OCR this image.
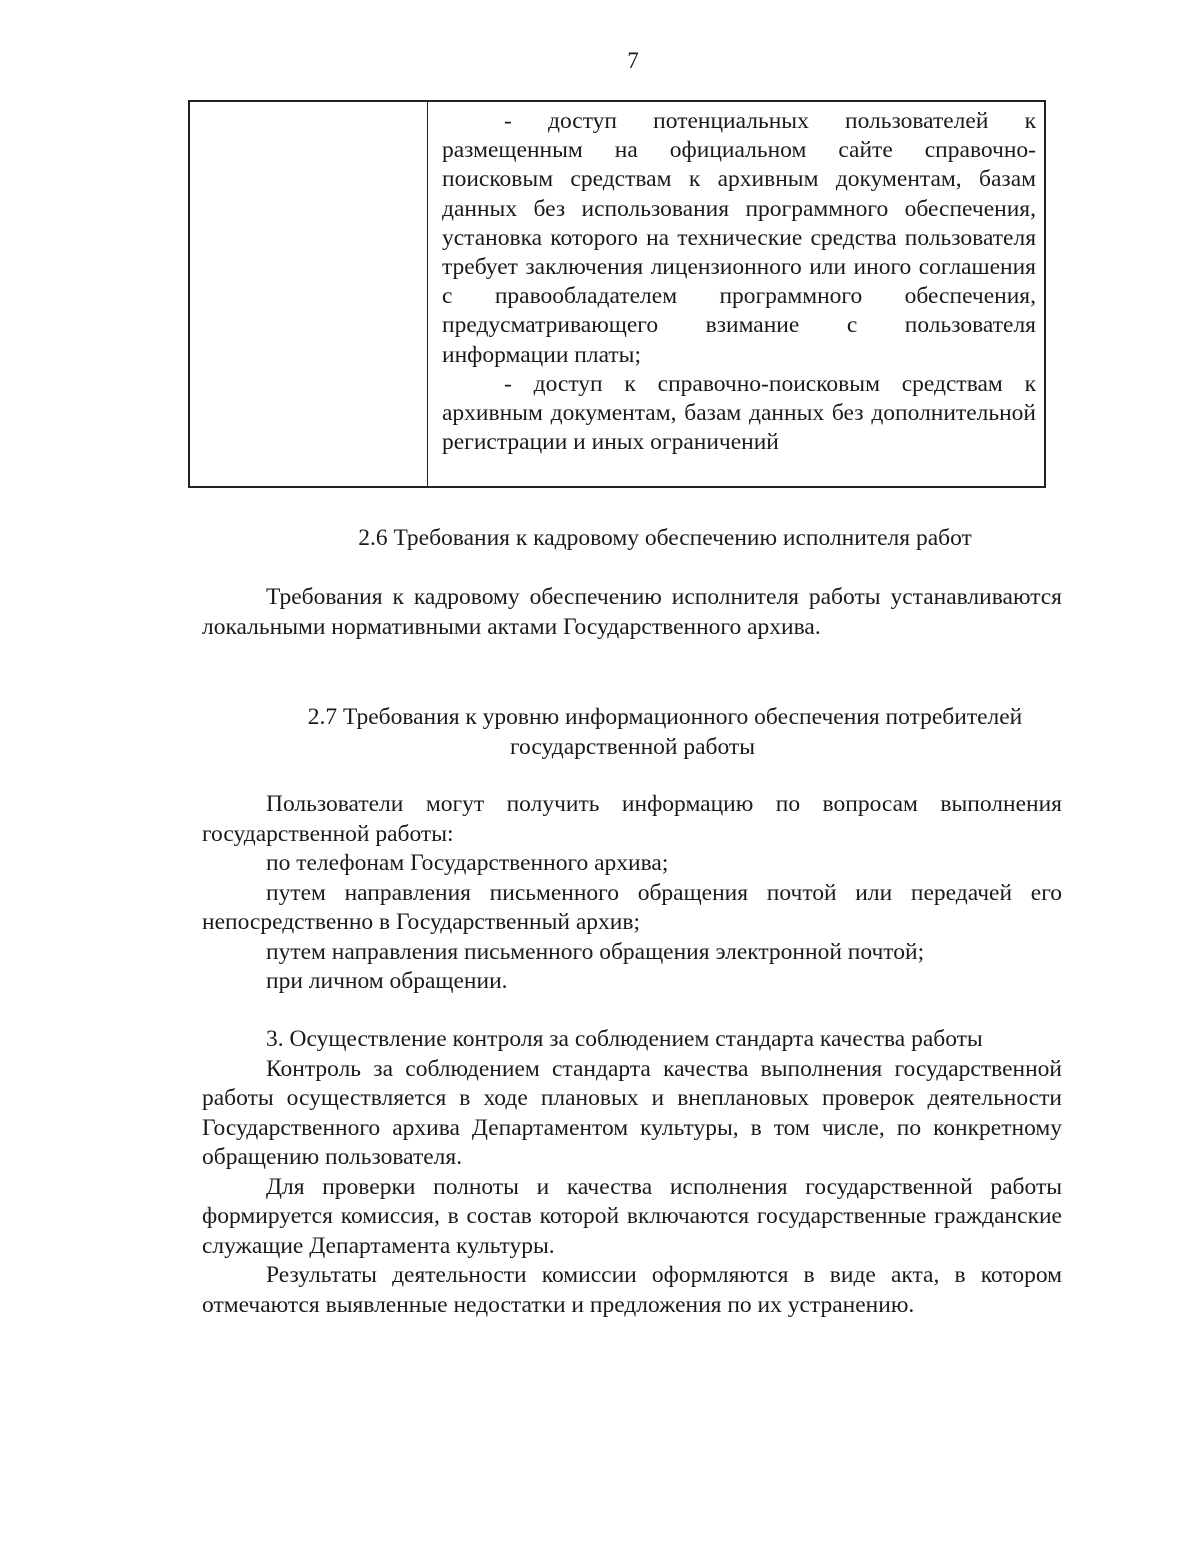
7

- доступ потенциальных пользователей к размещенным на официальном сайте справочно-поисковым средствам к архивным документам, базам данных без использования программного обеспечения, установка которого на технические средства пользователя требует заключения лицензионного или иного соглашения с правообладателем программного обеспечения, предусматривающего взимание с пользователя информации платы;

- доступ к справочно-поисковым средствам к архивным документам, базам данных без дополнительной регистрации и иных ограничений

2.6 Требования к кадровому обеспечению исполнителя работ

Требования к кадровому обеспечению исполнителя работы устанавливаются локальными нормативными актами Государственного архива.

2.7 Требования к уровню информационного обеспечения потребителей
государственной работы

Пользователи могут получить информацию по вопросам выполнения государственной работы:

по телефонам Государственного архива;

путем направления письменного обращения почтой или передачей его непосредственно в Государственный архив;

путем направления письменного обращения электронной почтой;

при личном обращении.

3. Осуществление контроля за соблюдением стандарта качества работы

Контроль за соблюдением стандарта качества выполнения государственной работы осуществляется в ходе плановых и внеплановых проверок деятельности Государственного архива Департаментом культуры, в том числе, по конкретному обращению пользователя.

Для проверки полноты и качества исполнения государственной работы формируется комиссия, в состав которой включаются государственные гражданские служащие Департамента культуры.

Результаты деятельности комиссии оформляются в виде акта, в котором отмечаются выявленные недостатки и предложения по их устранению.
